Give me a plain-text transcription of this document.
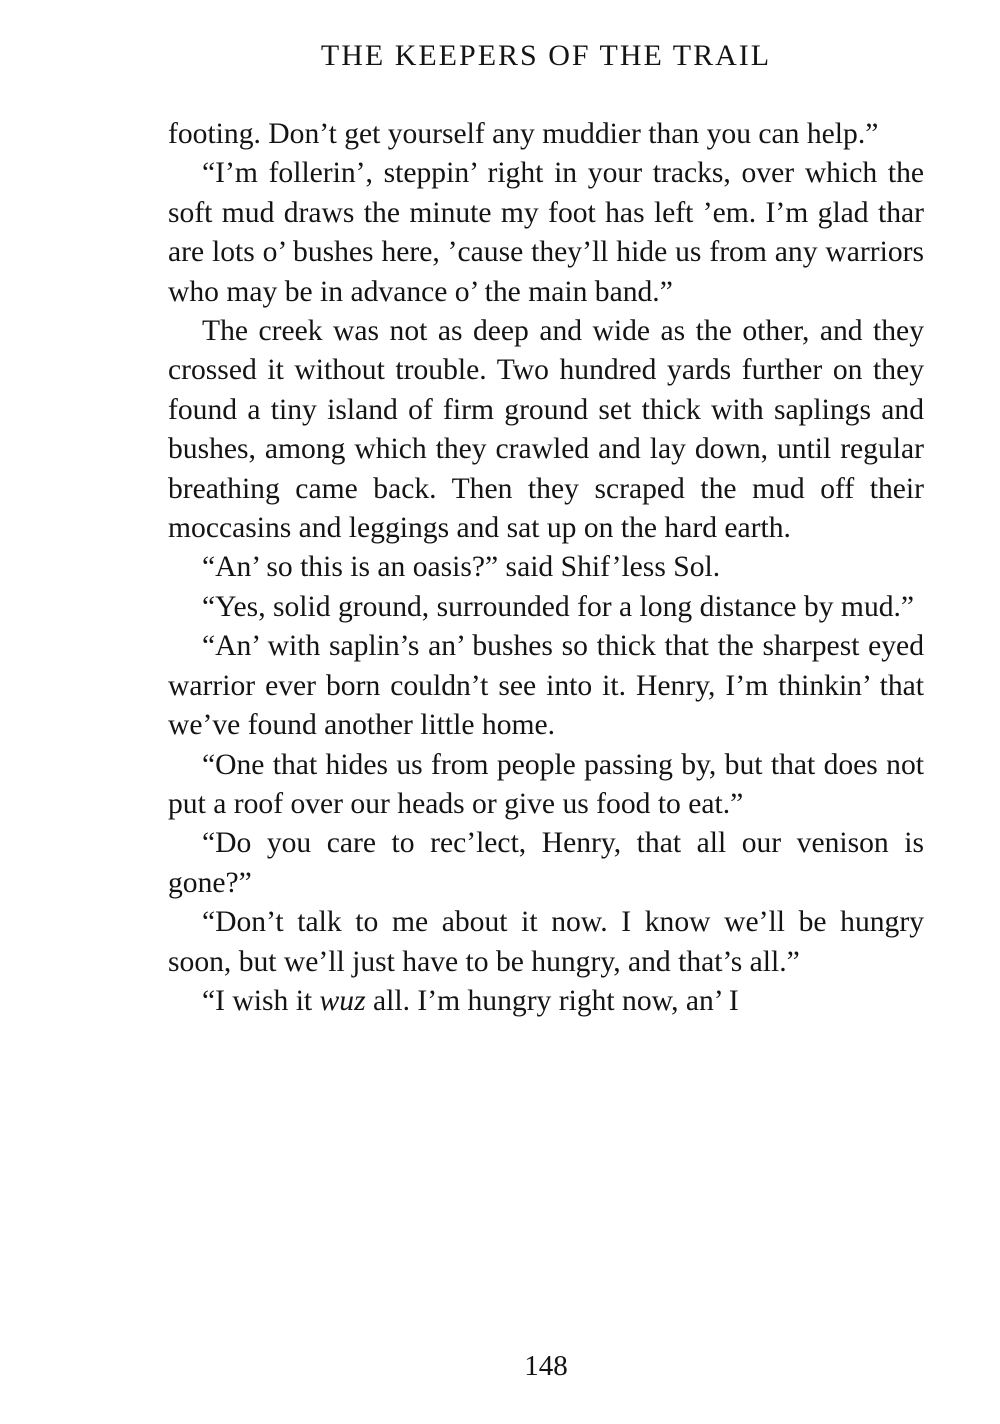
THE KEEPERS OF THE TRAIL

footing. Don’t get yourself any muddier than you can help.”

“I’m follerin’, steppin’ right in your tracks, over which the soft mud draws the minute my foot has left ’em. I’m glad thar are lots o’ bushes here, ’cause they’ll hide us from any warriors who may be in advance o’ the main band.”

The creek was not as deep and wide as the other, and they crossed it without trouble. Two hundred yards further on they found a tiny island of firm ground set thick with saplings and bushes, among which they crawled and lay down, until regular breathing came back. Then they scraped the mud off their moccasins and leggings and sat up on the hard earth.

“An’ so this is an oasis?” said Shif’less Sol.

“Yes, solid ground, surrounded for a long distance by mud.”

“An’ with saplin’s an’ bushes so thick that the sharpest eyed warrior ever born couldn’t see into it. Henry, I’m thinkin’ that we’ve found another little home.

“One that hides us from people passing by, but that does not put a roof over our heads or give us food to eat.”

“Do you care to rec’lect, Henry, that all our venison is gone?”

“Don’t talk to me about it now. I know we’ll be hungry soon, but we’ll just have to be hungry, and that’s all.”

“I wish it wuz all. I’m hungry right now, an’ I

148
